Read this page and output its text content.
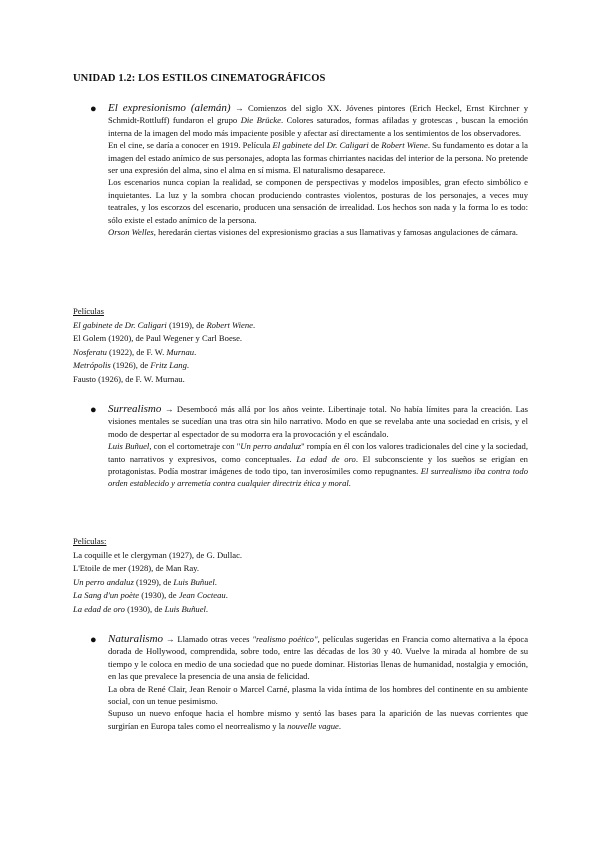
UNIDAD 1.2: LOS ESTILOS CINEMATOGRÁFICOS
● El expresionismo (alemán) → Comienzos del siglo XX. Jóvenes pintores (Erich Heckel, Ernst Kirchner y Schmidt-Rottluff) fundaron el grupo Die Brücke. Colores saturados, formas afiladas y grotescas , buscan la emoción interna de la imagen del modo más impaciente posible y afectar así directamente a los sentimientos de los observadores.

En el cine, se daría a conocer en 1919. Película El gabinete del Dr. Caligari de Robert Wiene. Su fundamento es dotar a la imagen del estado anímico de sus personajes, adopta las formas chirriantes nacidas del interior de la persona. No pretende ser una expresión del alma, sino el alma en sí misma. El naturalismo desaparece.

Los escenarios nunca copian la realidad, se componen de perspectivas y modelos imposibles, gran efecto simbólico e inquietantes. La luz y la sombra chocan produciendo contrastes violentos, posturas de los personajes, a veces muy teatrales, y los escorzos del escenario, producen una sensación de irrealidad. Los hechos son nada y la forma lo es todo: sólo existe el estado anímico de la persona.

Orson Welles, heredarán ciertas visiones del expresionismo gracias a sus llamativas y famosas angulaciones de cámara.

Películas
El gabinete de Dr. Caligari (1919), de Robert Wiene.
El Golem (1920), de Paul Wegener y Carl Boese.
Nosferatu (1922), de F. W. Murnau.
Metrópolis (1926), de Fritz Lang.
Fausto (1926), de F. W. Murnau.
● Surrealismo → Desembocó más allá por los años veinte. Libertinaje total. No había límites para la creación. Las visiones mentales se sucedían una tras otra sin hilo narrativo. Modo en que se revelaba ante una sociedad en crisis, y el modo de despertar al espectador de su modorra era la provocación y el escándalo.

Luis Buñuel, con el cortometraje con "Un perro andaluz" rompía en él con los valores tradicionales del cine y la sociedad, tanto narrativos y expresivos, como conceptuales. La edad de oro. El subconsciente y los sueños se erigían en protagonistas. Podía mostrar imágenes de todo tipo, tan inverosímiles como repugnantes. El surrealismo iba contra todo orden establecido y arremetía contra cualquier directriz ética y moral.

Películas:
La coquille et le clergyman (1927), de G. Dullac.
L'Etoile de mer (1928), de Man Ray.
Un perro andaluz (1929), de Luis Buñuel.
La Sang d'un poète (1930), de Jean Cocteau.
La edad de oro (1930), de Luis Buñuel.
● Naturalismo → Llamado otras veces "realismo poético", películas sugeridas en Francia como alternativa a la época dorada de Hollywood, comprendida, sobre todo, entre las décadas de los 30 y 40. Vuelve la mirada al hombre de su tiempo y le coloca en medio de una sociedad que no puede dominar. Historias llenas de humanidad, nostalgia y emoción, en las que prevalece la presencia de una ansia de felicidad.

La obra de René Clair, Jean Renoir o Marcel Carné, plasma la vida íntima de los hombres del continente en su ambiente social, con un tenue pesimismo.

Supuso un nuevo enfoque hacia el hombre mismo y sentó las bases para la aparición de las nuevas corrientes que surgirían en Europa tales como el neorrealismo y la nouvelle vague.
